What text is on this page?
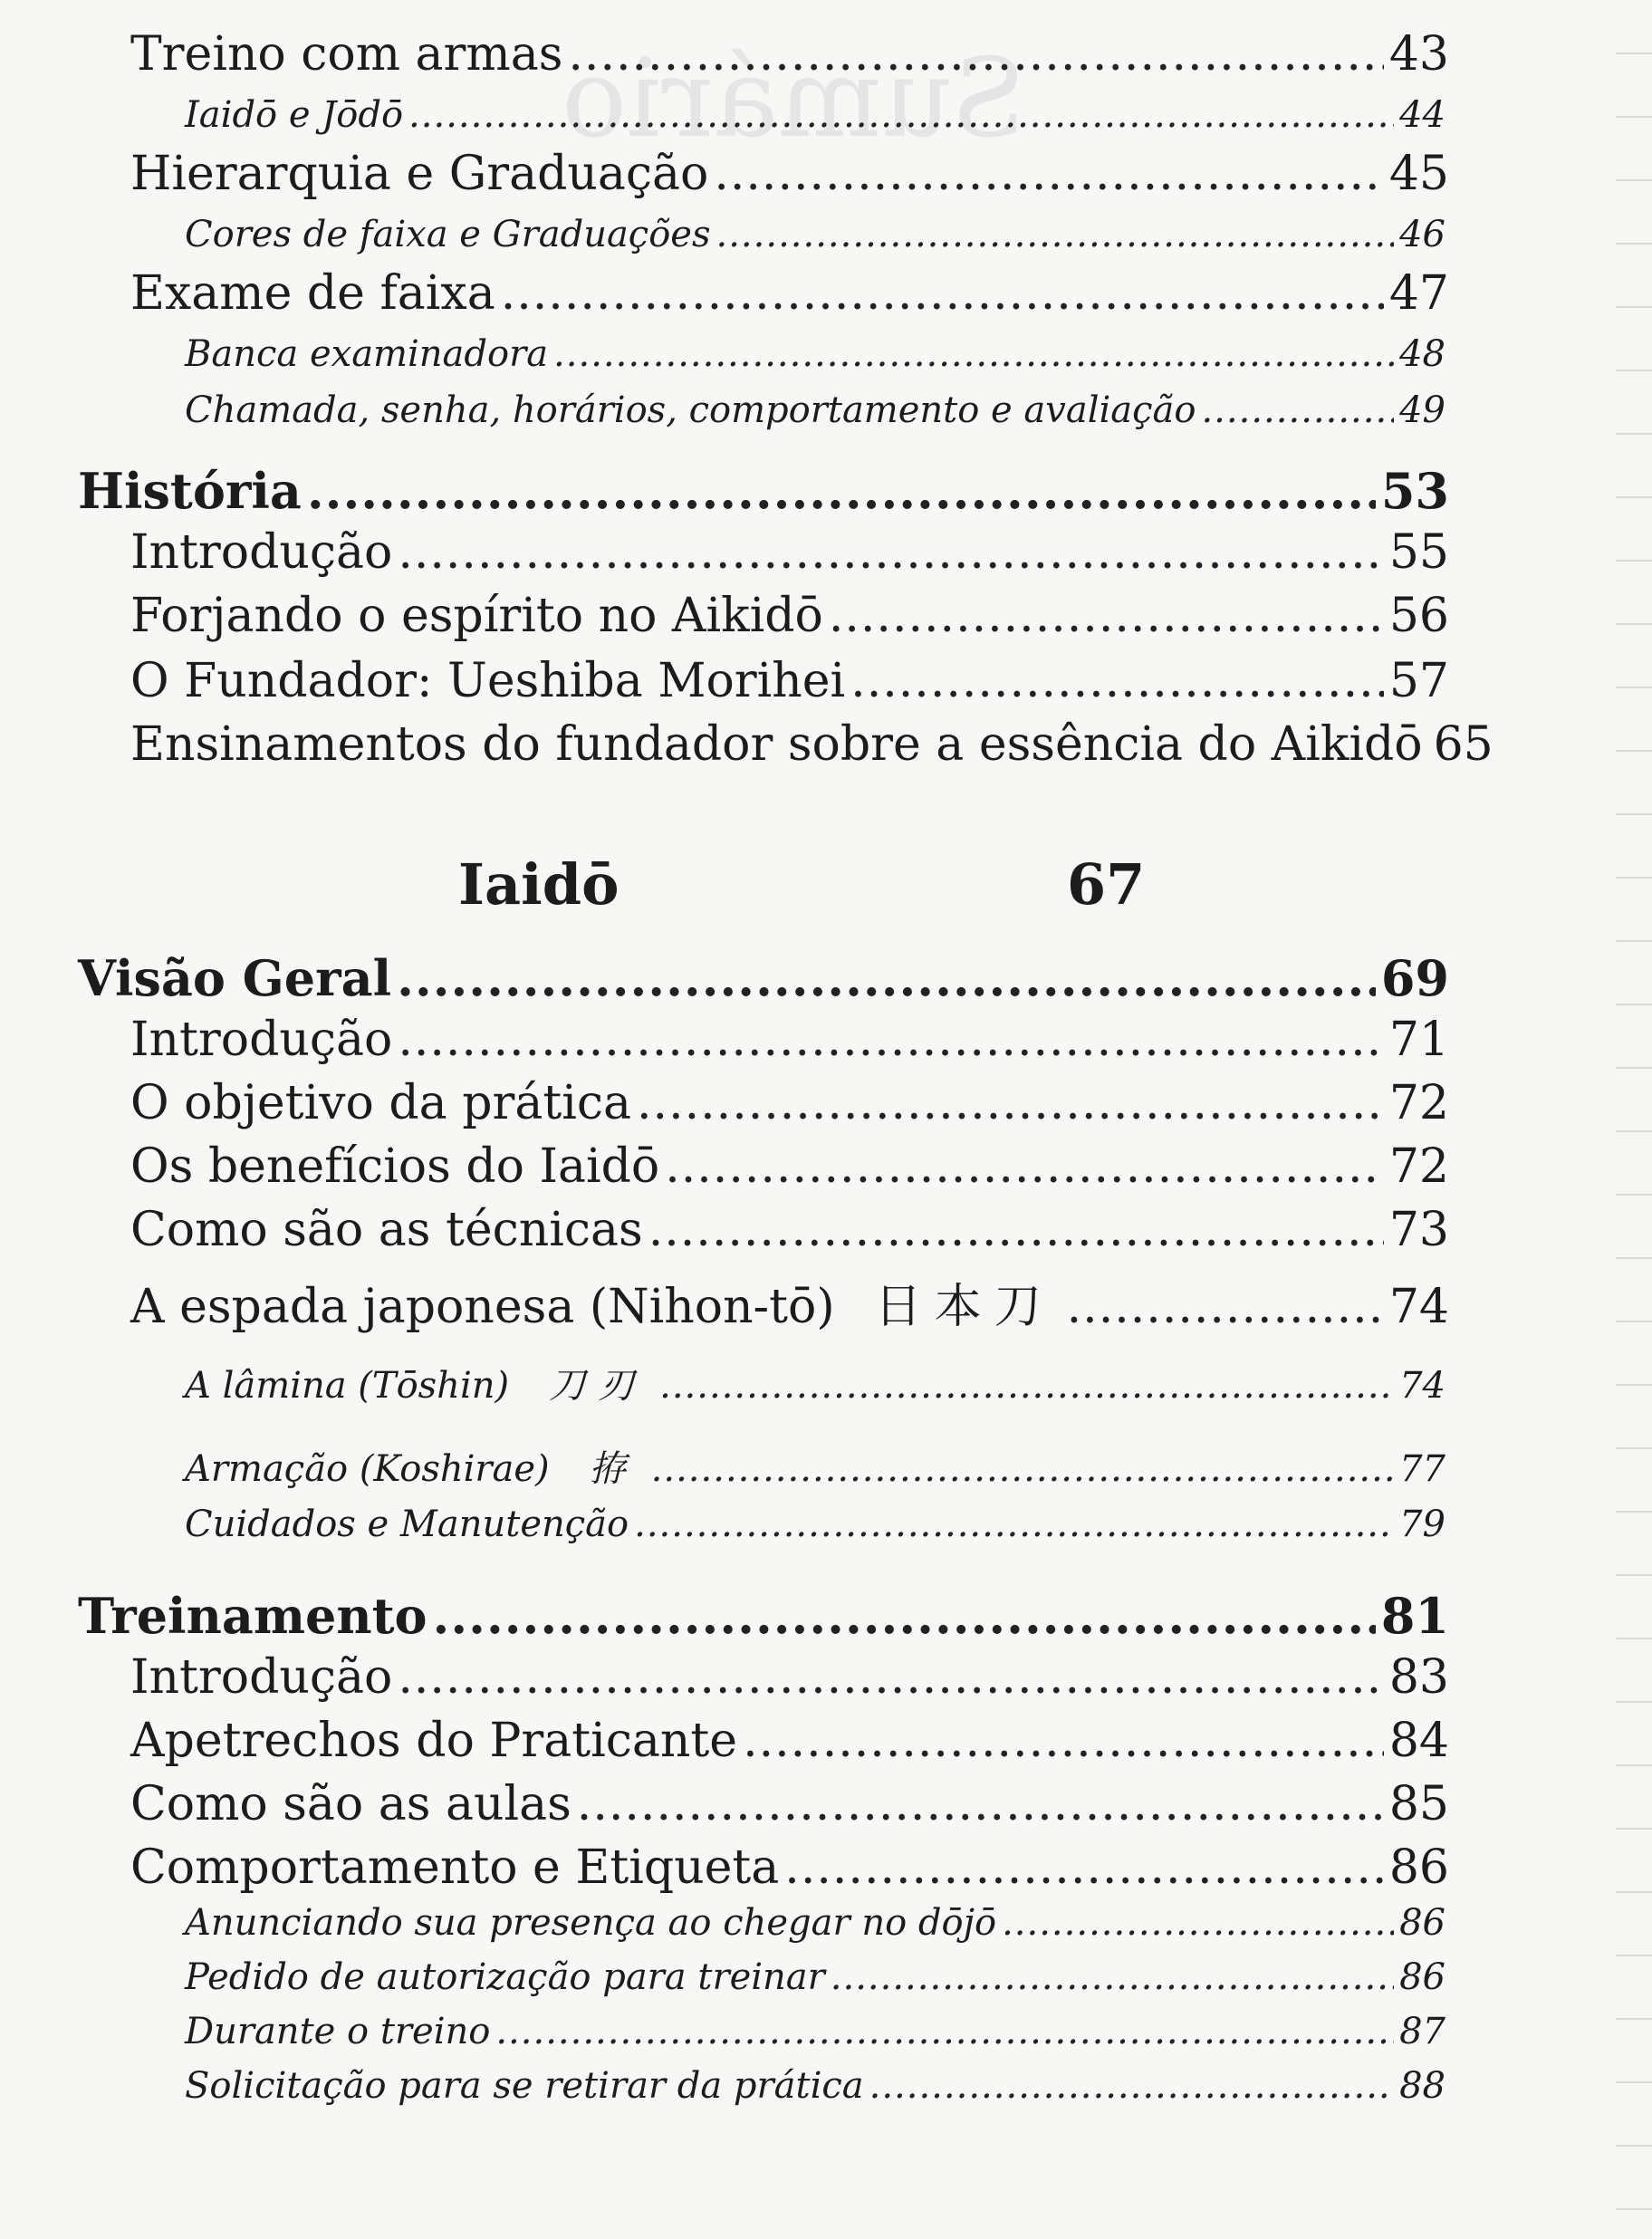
Sumário
Iaidō	67
Treino com armas .....	43
Iaidō e Jōdō .....	44
Hierarquia e Graduação .....	45
Cores de faixa e Graduações .....	46
Exame de faixa .....	47
Banca examinadora .....	48
Chamada, senha, horários, comportamento e avaliação .....	49
História .....	53
Introdução .....	55
Forjando o espírito no Aikidō .....	56
O Fundador: Ueshiba Morihei .....	57
Ensinamentos do fundador sobre a essência do Aikidō 65
Visão Geral .....	69
Introdução .....	71
O objetivo da prática .....	72
Os benefícios do Iaidō .....	72
Como são as técnicas .....	73
A espada japonesa (Nihon-tō) 日本刀 .....	74
A lâmina (Tōshin) 刀刃 .....	74
Armação (Koshirae) 拵 .....	77
Cuidados e Manutenção .....	79
Treinamento .....	81
Introdução .....	83
Apetrechos do Praticante .....	84
Como são as aulas .....	85
Comportamento e Etiqueta .....	86
Anunciando sua presença ao chegar no dōjō .....	86
Pedido de autorização para treinar .....	86
Durante o treino .....	87
Solicitação para se retirar da prática .....	88
